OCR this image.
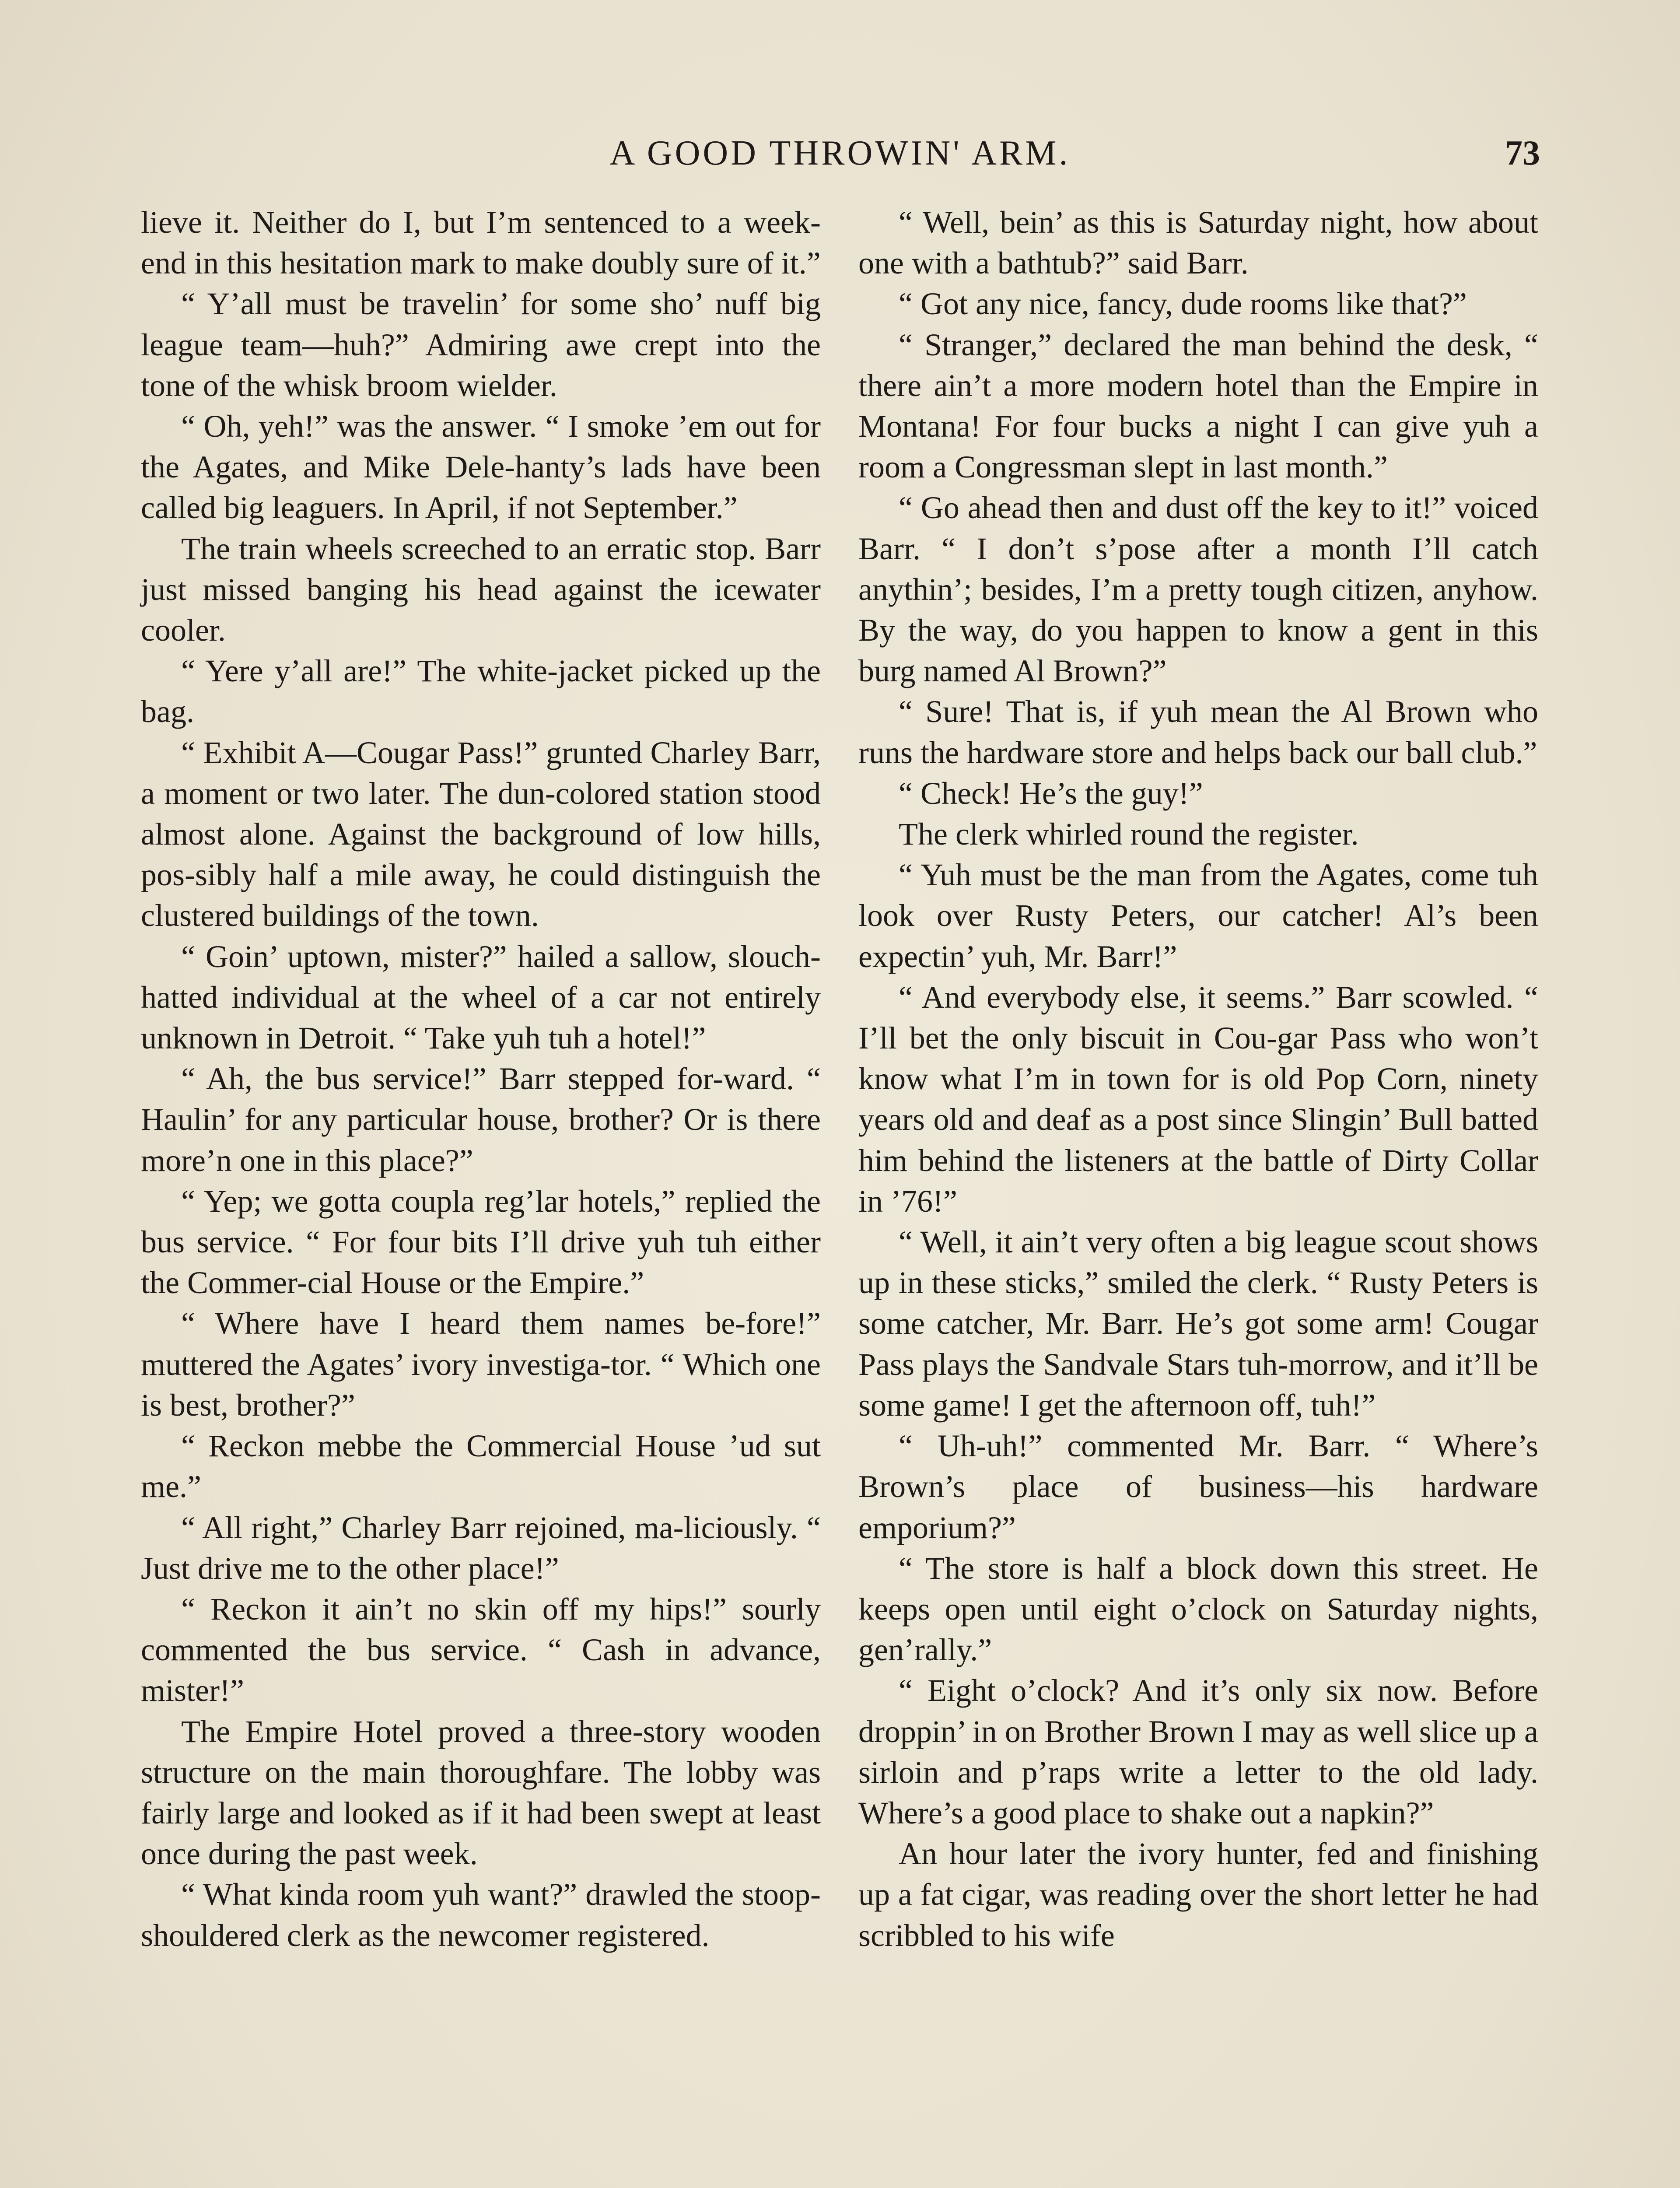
A GOOD THROWIN' ARM.	73

lieve it. Neither do I, but I’m sentenced to a week-end in this hesitation mark to make doubly sure of it.”

“ Y’all must be travelin’ for some sho’ nuff big league team—huh?” Admiring awe crept into the tone of the whisk broom wielder.

“ Oh, yeh!” was the answer. “ I smoke ’em out for the Agates, and Mike Dele-hanty’s lads have been called big leaguers. In April, if not September.”

The train wheels screeched to an erratic stop. Barr just missed banging his head against the icewater cooler.

“ Yere y’all are!” The white-jacket picked up the bag.

“ Exhibit A—Cougar Pass!” grunted Charley Barr, a moment or two later. The dun-colored station stood almost alone. Against the background of low hills, pos-sibly half a mile away, he could distinguish the clustered buildings of the town.

“ Goin’ uptown, mister?” hailed a sallow, slouch-hatted individual at the wheel of a car not entirely unknown in Detroit. “ Take yuh tuh a hotel!”

“ Ah, the bus service!” Barr stepped for-ward. “ Haulin’ for any particular house, brother? Or is there more’n one in this place?”

“ Yep; we gotta coupla reg’lar hotels,” replied the bus service. “ For four bits I’ll drive yuh tuh either the Commer-cial House or the Empire.”

“ Where have I heard them names be-fore!” muttered the Agates’ ivory investiga-tor. “ Which one is best, brother?”

“ Reckon mebbe the Commercial House ’ud sut me.”

“ All right,” Charley Barr rejoined, ma-liciously. “ Just drive me to the other place!”

“ Reckon it ain’t no skin off my hips!” sourly commented the bus service. “ Cash in advance, mister!”

The Empire Hotel proved a three-story wooden structure on the main thoroughfare. The lobby was fairly large and looked as if it had been swept at least once during the past week.

“ What kinda room yuh want?” drawled the stoop-shouldered clerk as the newcomer registered.

“ Well, bein’ as this is Saturday night, how about one with a bathtub?” said Barr.

“ Got any nice, fancy, dude rooms like that?”

“ Stranger,” declared the man behind the desk, “ there ain’t a more modern hotel than the Empire in Montana! For four bucks a night I can give yuh a room a Congressman slept in last month.”

“ Go ahead then and dust off the key to it!” voiced Barr. “ I don’t s’pose after a month I’ll catch anythin’; besides, I’m a pretty tough citizen, anyhow. By the way, do you happen to know a gent in this burg named Al Brown?”

“ Sure! That is, if yuh mean the Al Brown who runs the hardware store and helps back our ball club.”

“ Check! He’s the guy!”

The clerk whirled round the register.

“ Yuh must be the man from the Agates, come tuh look over Rusty Peters, our catcher! Al’s been expectin’ yuh, Mr. Barr!”

“ And everybody else, it seems.” Barr scowled. “ I’ll bet the only biscuit in Cou-gar Pass who won’t know what I’m in town for is old Pop Corn, ninety years old and deaf as a post since Slingin’ Bull batted him behind the listeners at the battle of Dirty Collar in ’76!”

“ Well, it ain’t very often a big league scout shows up in these sticks,” smiled the clerk. “ Rusty Peters is some catcher, Mr. Barr. He’s got some arm! Cougar Pass plays the Sandvale Stars tuh-morrow, and it’ll be some game! I get the afternoon off, tuh!”

“ Uh-uh!” commented Mr. Barr. “ Where’s Brown’s place of business—his hardware emporium?”

“ The store is half a block down this street. He keeps open until eight o’clock on Saturday nights, gen’rally.”

“ Eight o’clock? And it’s only six now. Before droppin’ in on Brother Brown I may as well slice up a sirloin and p’raps write a letter to the old lady. Where’s a good place to shake out a napkin?”

An hour later the ivory hunter, fed and finishing up a fat cigar, was reading over the short letter he had scribbled to his wife
